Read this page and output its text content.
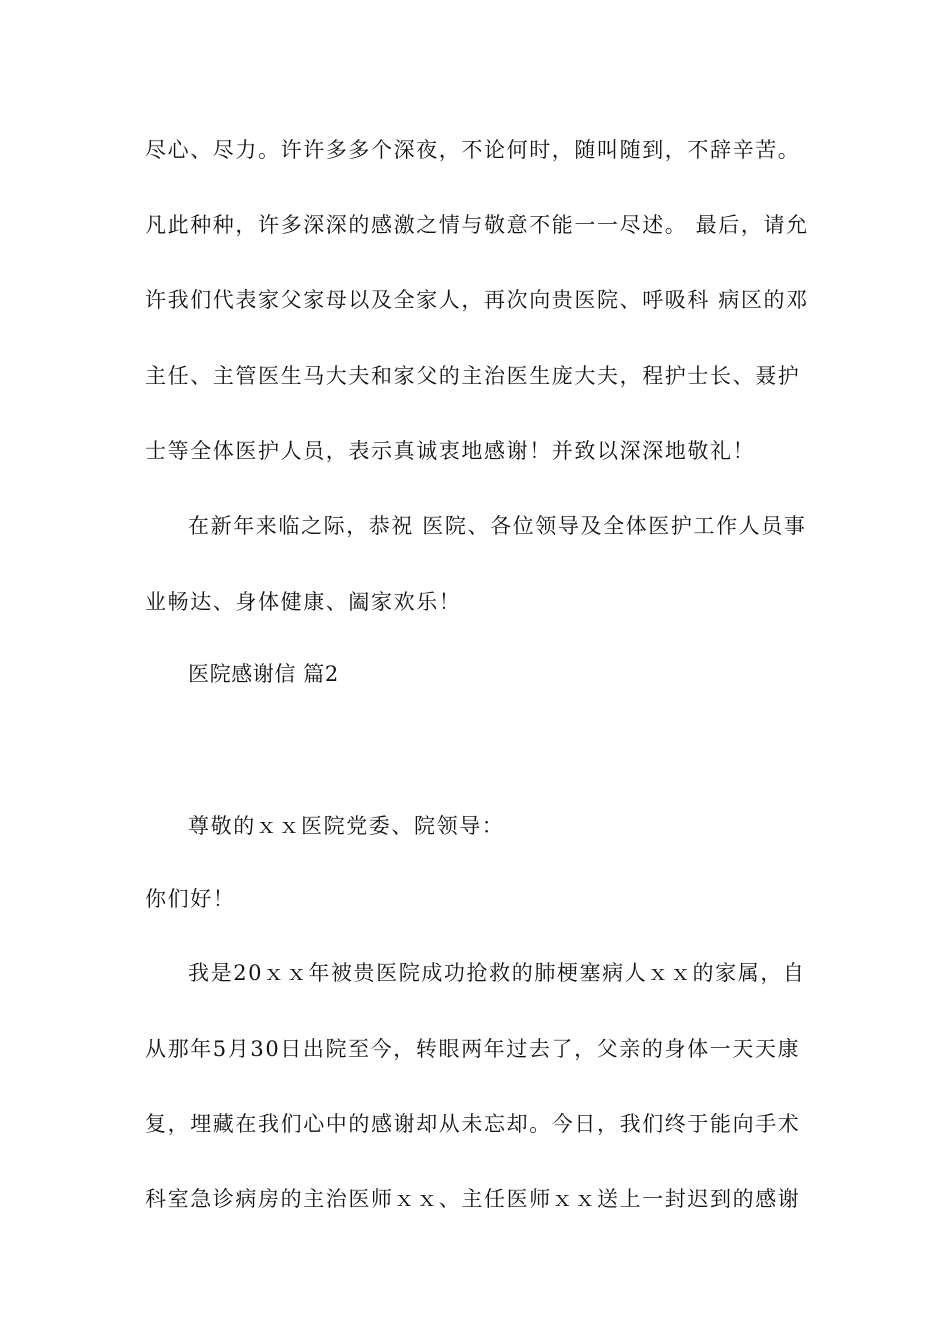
尽心、尽力。许许多多个深夜，不论何时，随叫随到，不辞辛苦。
凡此种种，许多深深的感激之情与敬意不能一一尽述。 最后，请允
许我们代表家父家母以及全家人，再次向贵医院、呼吸科 病区的邓
主任、主管医生马大夫和家父的主治医生庞大夫，程护士长、聂护
士等全体医护人员，表示真诚衷地感谢！并致以深深地敬礼！
在新年来临之际，恭祝 医院、各位领导及全体医护工作人员事
业畅达、身体健康、阖家欢乐！
医院感谢信 篇2
尊敬的ｘｘ医院党委、院领导：
你们好！
我是20ｘｘ年被贵医院成功抢救的肺梗塞病人ｘｘ的家属，自
从那年5月30日出院至今，转眼两年过去了，父亲的身体一天天康
复，埋藏在我们心中的感谢却从未忘却。今日，我们终于能向手术
科室急诊病房的主治医师ｘｘ、主任医师ｘｘ送上一封迟到的感谢
